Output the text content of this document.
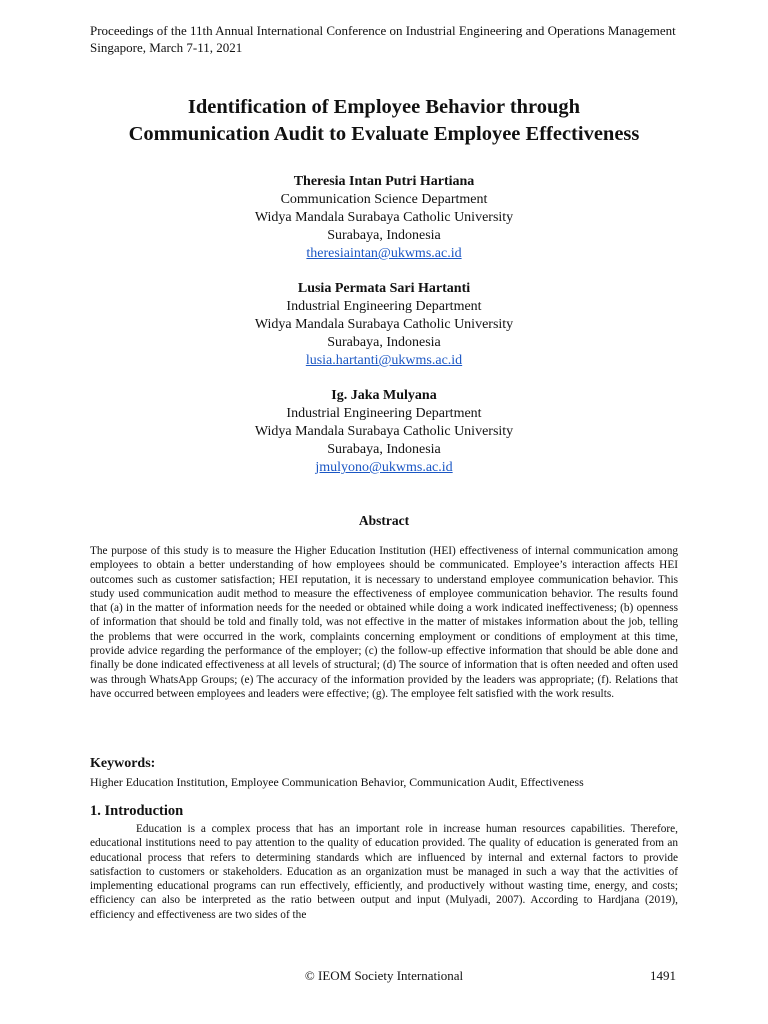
Proceedings of the 11th Annual International Conference on Industrial Engineering and Operations Management
Singapore, March 7-11, 2021
Identification of Employee Behavior through
Communication Audit to Evaluate Employee Effectiveness
Theresia Intan Putri Hartiana
Communication Science Department
Widya Mandala Surabaya Catholic University
Surabaya, Indonesia
theresiaintan@ukwms.ac.id
Lusia Permata Sari Hartanti
Industrial Engineering Department
Widya Mandala Surabaya Catholic University
Surabaya, Indonesia
lusia.hartanti@ukwms.ac.id
Ig. Jaka Mulyana
Industrial Engineering Department
Widya Mandala Surabaya Catholic University
Surabaya, Indonesia
jmulyono@ukwms.ac.id
Abstract

The purpose of this study is to measure the Higher Education Institution (HEI) effectiveness of internal communication among employees to obtain a better understanding of how employees should be communicated. Employee’s interaction affects HEI outcomes such as customer satisfaction; HEI reputation, it is necessary to understand employee communication behavior. This study used communication audit method to measure the effectiveness of employee communication behavior. The results found that (a) in the matter of information needs for the needed or obtained while doing a work indicated ineffectiveness; (b) openness of information that should be told and finally told, was not effective in the matter of mistakes information about the job, telling the problems that were occurred in the work, complaints concerning employment or conditions of employment at this time, provide advice regarding the performance of the employer; (c) the follow-up effective information that should be able done and finally be done indicated effectiveness at all levels of structural; (d) The source of information that is often needed and often used was through WhatsApp Groups; (e) The accuracy of the information provided by the leaders was appropriate; (f). Relations that have occurred between employees and leaders were effective; (g). The employee felt satisfied with the work results.

Keywords:
Higher Education Institution, Employee Communication Behavior, Communication Audit, Effectiveness
1. Introduction

Education is a complex process that has an important role in increase human resources capabilities. Therefore, educational institutions need to pay attention to the quality of education provided. The quality of education is generated from an educational process that refers to determining standards which are influenced by internal and external factors to provide satisfaction to customers or stakeholders. Education as an organization must be managed in such a way that the activities of implementing educational programs can run effectively, efficiently, and productively without wasting time, energy, and costs; efficiency can also be interpreted as the ratio between output and input (Mulyadi, 2007). According to Hardjana (2019), efficiency and effectiveness are two sides of the

© IEOM Society International	1491
